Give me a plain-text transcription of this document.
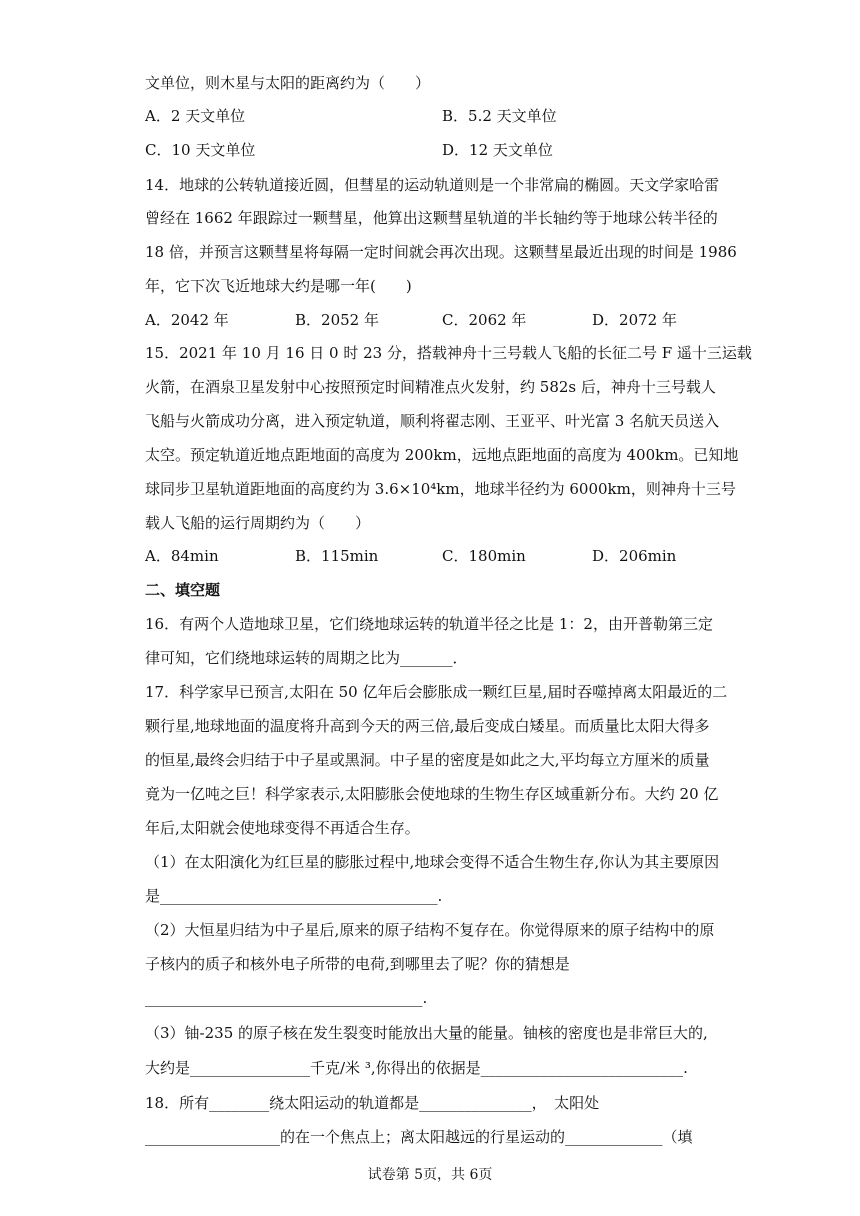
文单位，则木星与太阳的距离约为（　　）
A．2 天文单位	B．5.2 天文单位
C．10 天文单位	D．12 天文单位
14．地球的公转轨道接近圆，但彗星的运动轨道则是一个非常扁的椭圆。天文学家哈雷
曾经在 1662 年跟踪过一颗彗星，他算出这颗彗星轨道的半长轴约等于地球公转半径的
18 倍，并预言这颗彗星将每隔一定时间就会再次出现。这颗彗星最近出现的时间是 1986
年，它下次飞近地球大约是哪一年(　　)
A．2042 年	B．2052 年	C．2062 年	D．2072 年
15．2021 年 10 月 16 日 0 时 23 分，搭载神舟十三号载人飞船的长征二号 F 遥十三运载
火箭，在酒泉卫星发射中心按照预定时间精准点火发射，约 582s 后，神舟十三号载人
飞船与火箭成功分离，进入预定轨道，顺利将翟志刚、王亚平、叶光富 3 名航天员送入
太空。预定轨道近地点距地面的高度为 200km，远地点距地面的高度为 400km。已知地
球同步卫星轨道距地面的高度约为 3.6×10⁴km，地球半径约为 6000km，则神舟十三号
载人飞船的运行周期约为（　　）
A．84min	B．115min	C．180min	D．206min
二、填空题
16．有两个人造地球卫星，它们绕地球运转的轨道半径之比是 1：2，由开普勒第三定
律可知，它们绕地球运转的周期之比为_______．
17．科学家早已预言,太阳在 50 亿年后会膨胀成一颗红巨星,届时吞噬掉离太阳最近的二
颗行星,地球地面的温度将升高到今天的两三倍,最后变成白矮星。而质量比太阳大得多
的恒星,最终会归结于中子星或黑洞。中子星的密度是如此之大,平均每立方厘米的质量
竟为一亿吨之巨！科学家表示,太阳膨胀会使地球的生物生存区域重新分布。大约 20 亿
年后,太阳就会使地球变得不再适合生存。
（1）在太阳演化为红巨星的膨胀过程中,地球会变得不适合生物生存,你认为其主要原因
是_____________________________________.
（2）大恒星归结为中子星后,原来的原子结构不复存在。你觉得原来的原子结构中的原
子核内的质子和核外电子所带的电荷,到哪里去了呢？你的猜想是
_____________________________________.
（3）铀-235 的原子核在发生裂变时能放出大量的能量。铀核的密度也是非常巨大的,
大约是________________千克/米 ³,你得出的依据是___________________________.
18．所有________绕太阳运动的轨道都是_______________，　太阳处
__________________的在一个焦点上；离太阳越远的行星运动的_____________（填
试卷第 5页，共 6页
